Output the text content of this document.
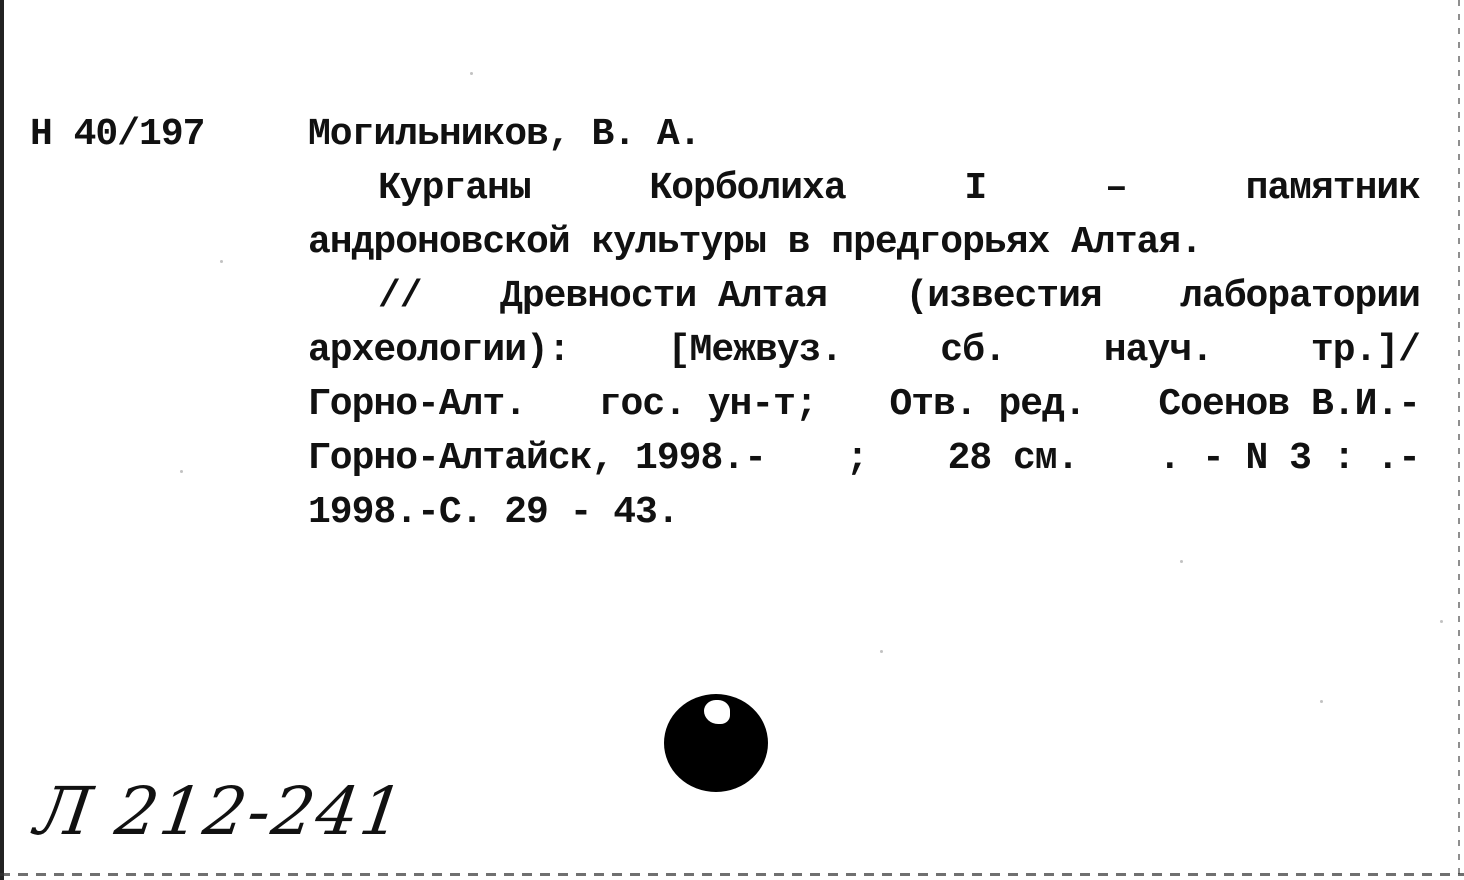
Н 40/197	Могильников, В. А.
Курганы	Корболиха	I	–	памятник
андроновской культуры в предгорьях Алтая.
// Древности Алтая (известия лаборатории
археологии):	[Межвуз.	сб.	науч.	тр.]/
Горно-Алт. гос. ун-т; Отв. ред. Соенов В.И.-
Горно-Алтайск, 1998.- ; 28 см. . - N 3 : .-
1998.-С. 29 - 43.
Л 212-241
